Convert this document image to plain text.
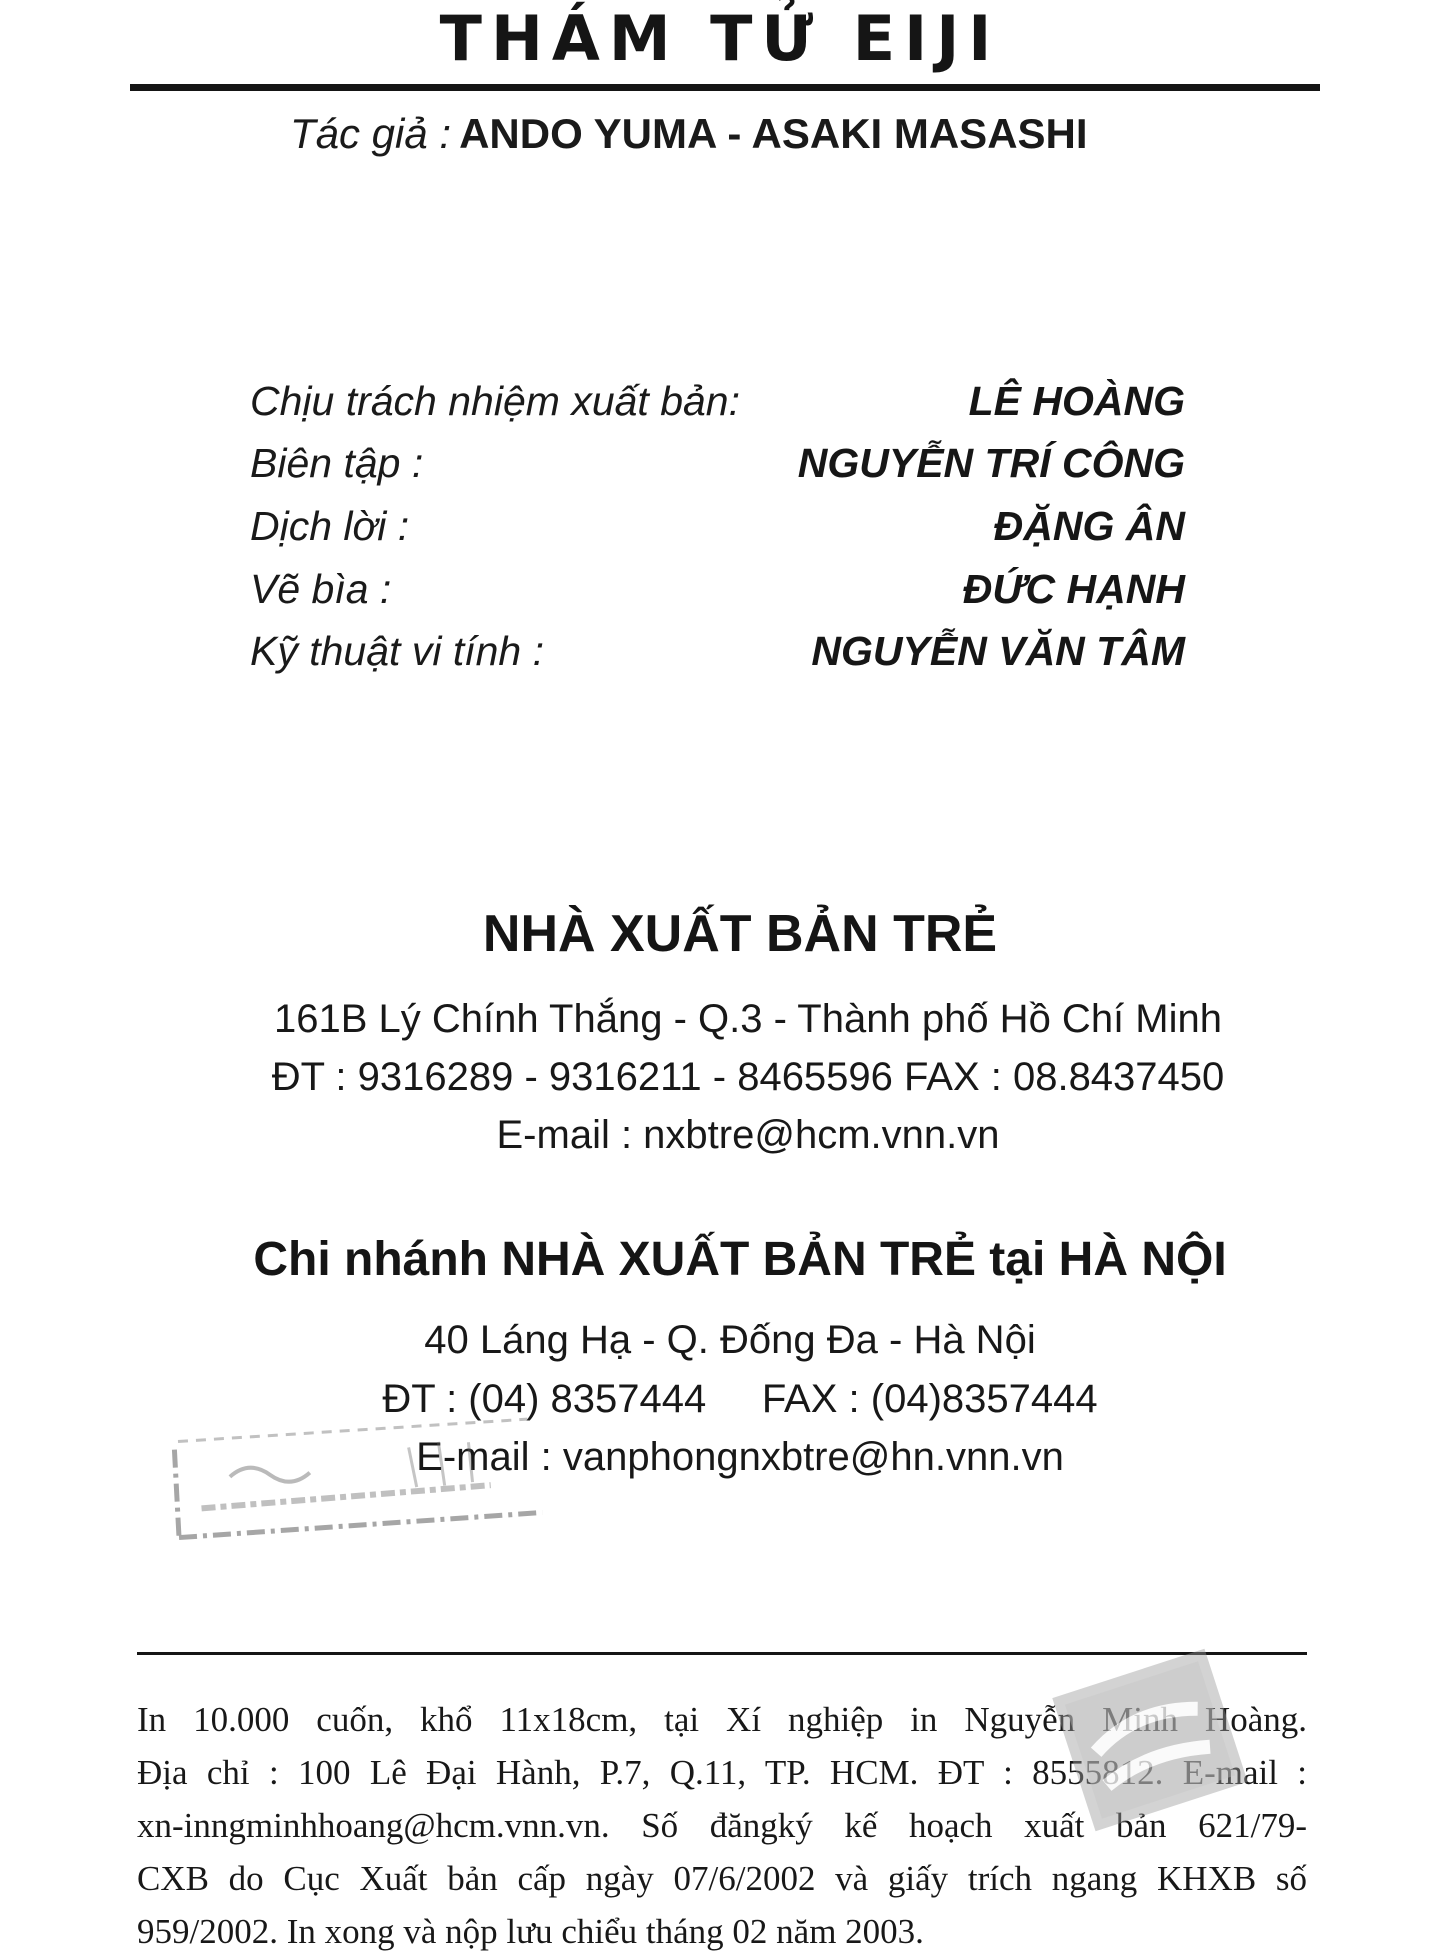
THÁM TỬ EIJI
Tác giả : ANDO YUMA - ASAKI MASASHI
Chịu trách nhiệm xuất bản:	LÊ HOÀNG
Biên tập :	NGUYỄN TRÍ CÔNG
Dịch lời :	ĐẶNG ÂN
Vẽ bìa :	ĐỨC HẠNH
Kỹ thuật vi tính :	NGUYỄN VĂN TÂM
NHÀ XUẤT BẢN TRẺ
161B Lý Chính Thắng - Q.3 - Thành phố Hồ Chí Minh
ĐT : 9316289 - 9316211 - 8465596 FAX : 08.8437450
E-mail : nxbtre@hcm.vnn.vn
Chi nhánh NHÀ XUẤT BẢN TRẺ tại HÀ NỘI
40 Láng Hạ - Q. Đống Đa - Hà Nội
ĐT : (04) 8357444     FAX : (04)8357444
E-mail : vanphongnxbtre@hn.vnn.vn
In 10.000 cuốn, khổ 11x18cm, tại Xí nghiệp in Nguyễn Minh Hoàng.
Địa chỉ : 100 Lê Đại Hành, P.7, Q.11, TP. HCM. ĐT : 8555812. E-mail :
xn-inngminhhoang@hcm.vnn.vn. Số đăngký kế hoạch xuất bản 621/79-
CXB do Cục Xuất bản cấp ngày 07/6/2002 và giấy trích ngang KHXB số
959/2002. In xong và nộp lưu chiểu tháng 02 năm 2003.
